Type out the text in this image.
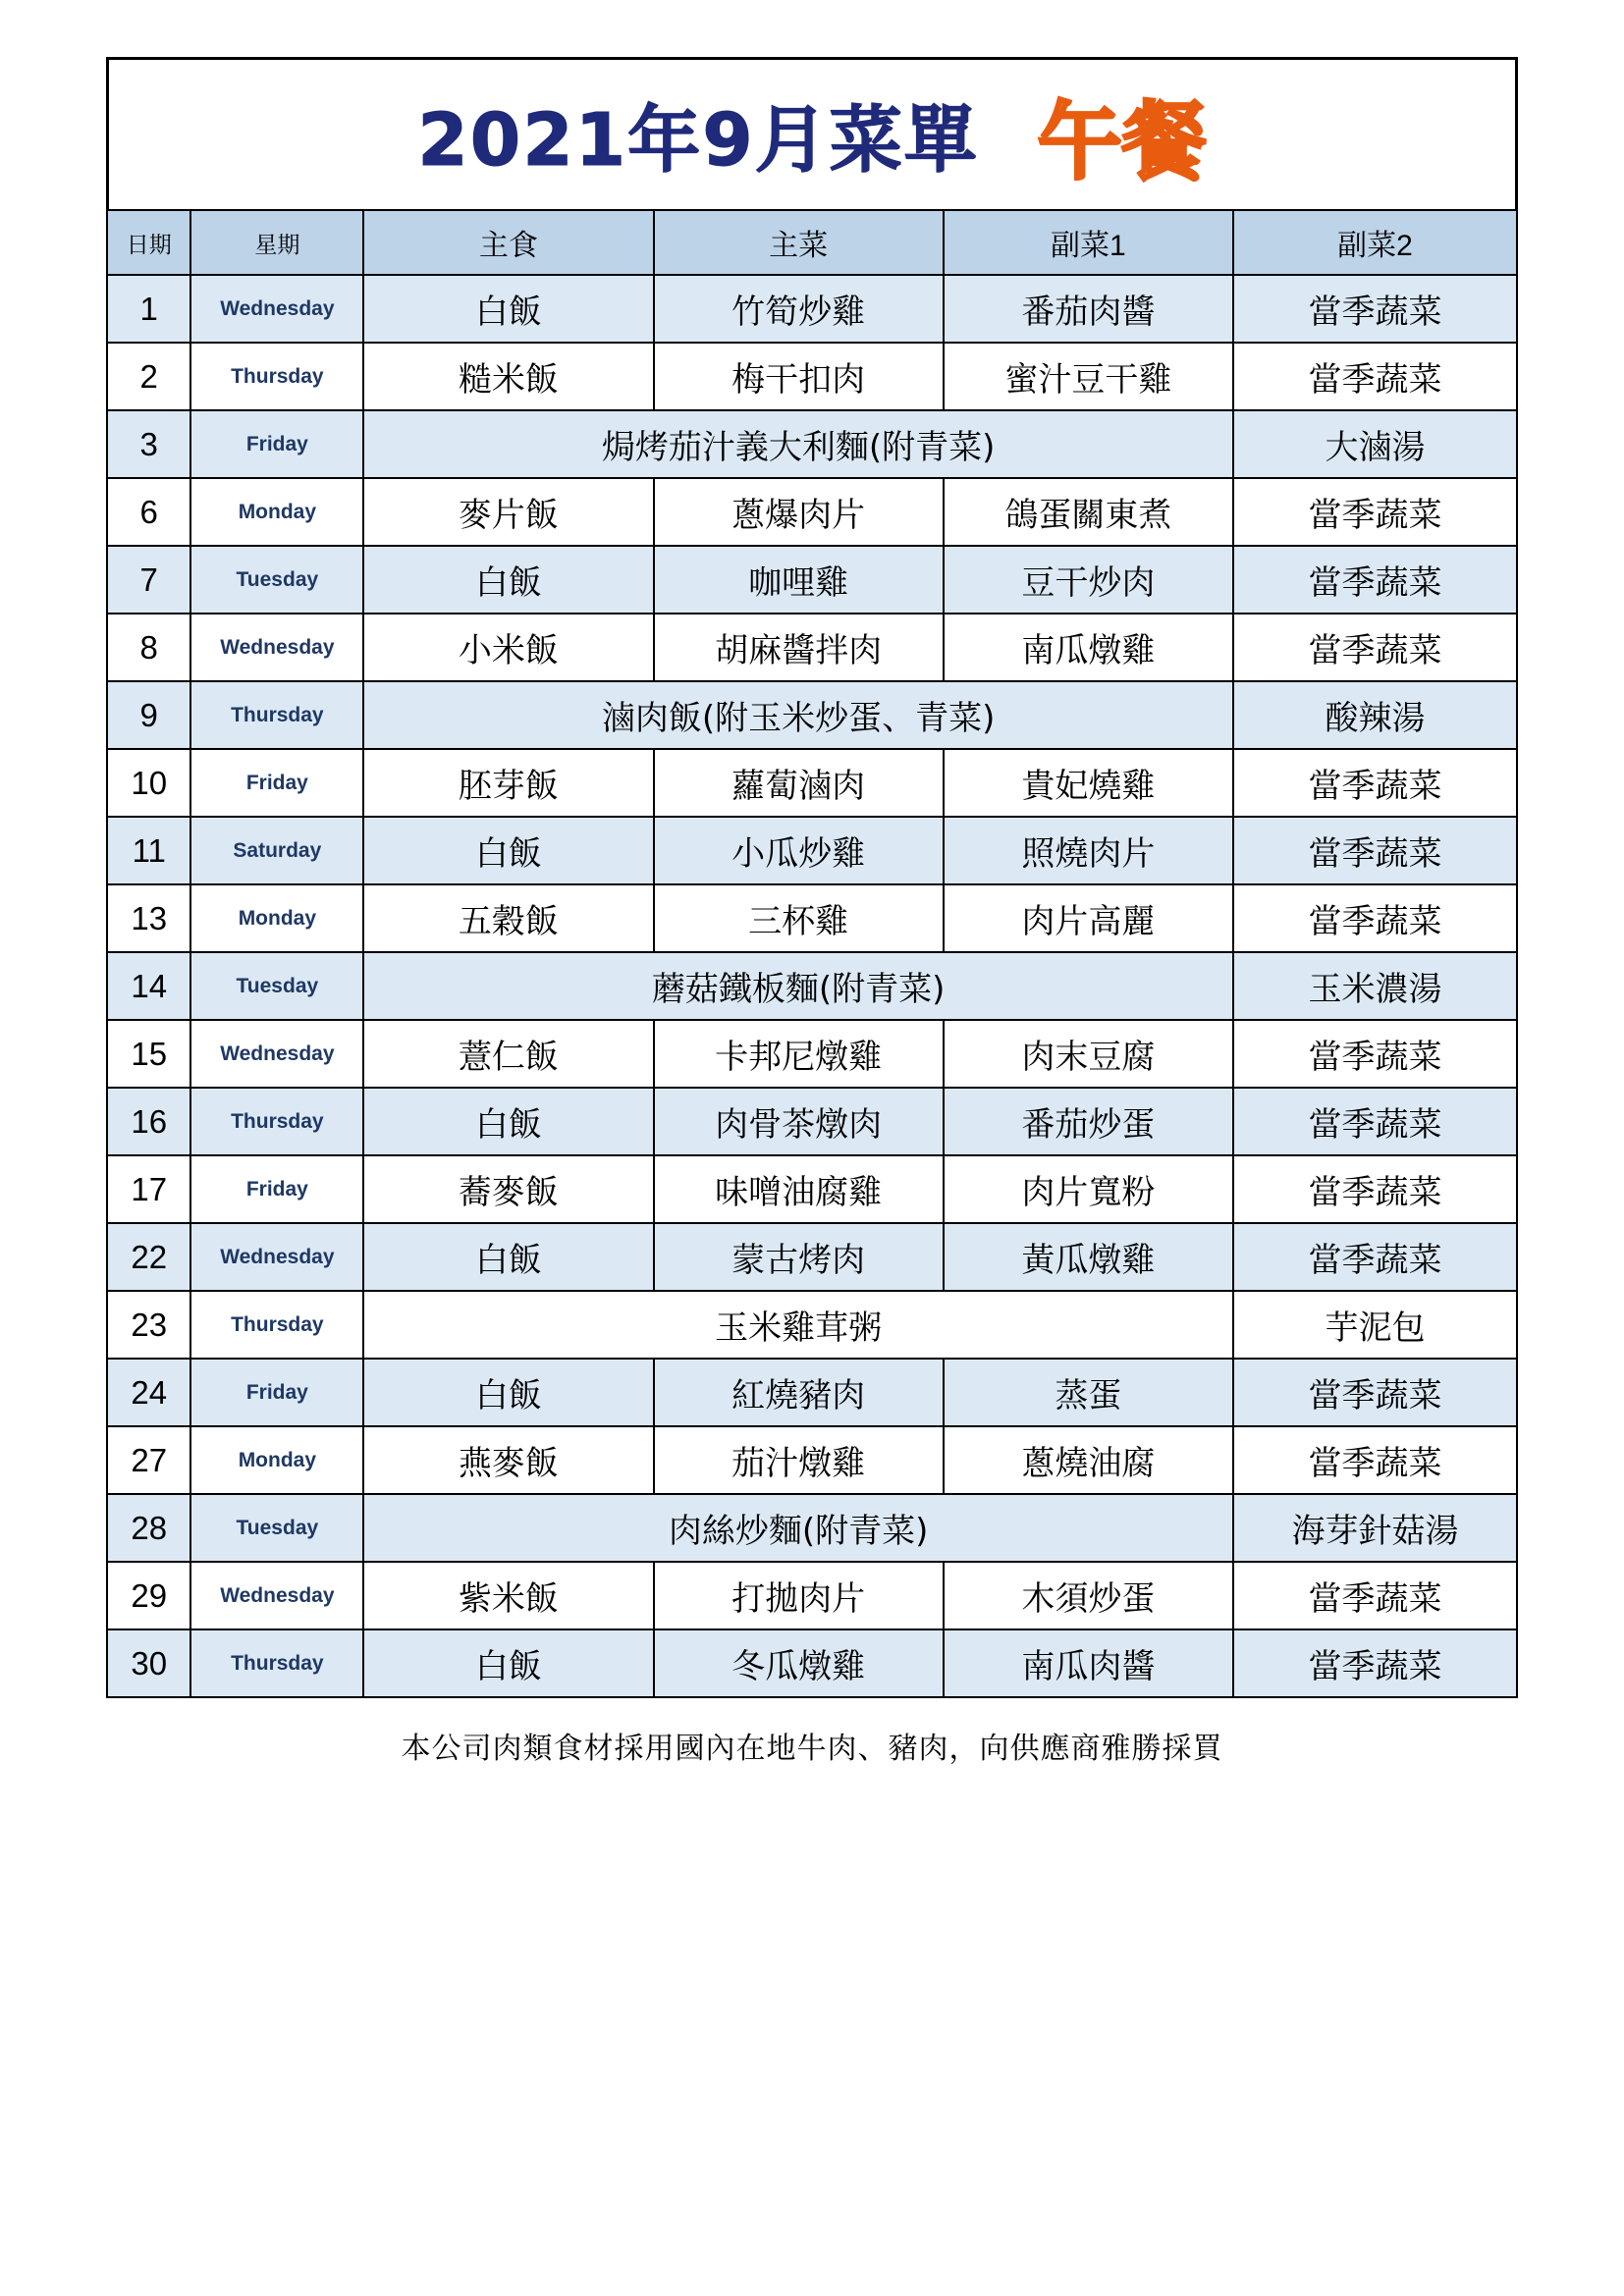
2021年9月菜單 午餐
日期	星期	主食	主菜	副菜1	副菜2
1	Wednesday	白飯	竹筍炒雞	番茄肉醬	當季蔬菜
2	Thursday	糙米飯	梅干扣肉	蜜汁豆干雞	當季蔬菜
3	Friday	焗烤茄汁義大利麵(附青菜)			大滷湯
6	Monday	麥片飯	蔥爆肉片	鴿蛋關東煮	當季蔬菜
7	Tuesday	白飯	咖哩雞	豆干炒肉	當季蔬菜
8	Wednesday	小米飯	胡麻醬拌肉	南瓜燉雞	當季蔬菜
9	Thursday	滷肉飯(附玉米炒蛋、青菜)			酸辣湯
10	Friday	胚芽飯	蘿蔔滷肉	貴妃燒雞	當季蔬菜
11	Saturday	白飯	小瓜炒雞	照燒肉片	當季蔬菜
13	Monday	五穀飯	三杯雞	肉片高麗	當季蔬菜
14	Tuesday	蘑菇鐵板麵(附青菜)			玉米濃湯
15	Wednesday	薏仁飯	卡邦尼燉雞	肉末豆腐	當季蔬菜
16	Thursday	白飯	肉骨茶燉肉	番茄炒蛋	當季蔬菜
17	Friday	蕎麥飯	味噌油腐雞	肉片寬粉	當季蔬菜
22	Wednesday	白飯	蒙古烤肉	黃瓜燉雞	當季蔬菜
23	Thursday	玉米雞茸粥			芋泥包
24	Friday	白飯	紅燒豬肉	蒸蛋	當季蔬菜
27	Monday	燕麥飯	茄汁燉雞	蔥燒油腐	當季蔬菜
28	Tuesday	肉絲炒麵(附青菜)			海芽針菇湯
29	Wednesday	紫米飯	打拋肉片	木須炒蛋	當季蔬菜
30	Thursday	白飯	冬瓜燉雞	南瓜肉醬	當季蔬菜
本公司肉類食材採用國內在地牛肉、豬肉，向供應商雅勝採買
